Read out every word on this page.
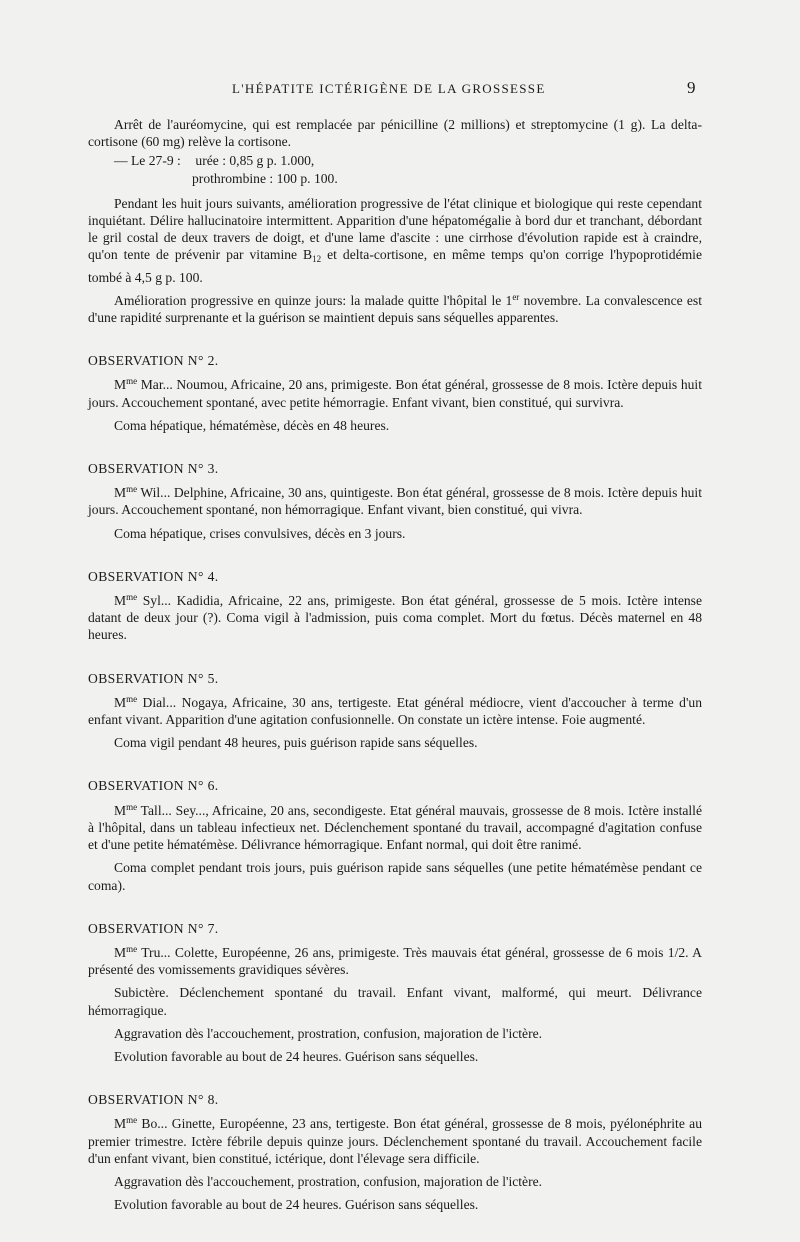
L'HÉPATITE ICTÉRIGÈNE DE LA GROSSESSE	9

Arrêt de l'auréomycine, qui est remplacée par pénicilline (2 millions) et streptomycine (1 g). La delta-cortisone (60 mg) relève la cortisone.

— Le 27-9 : urée : 0,85 g p. 1.000,
prothrombine : 100 p. 100.

Pendant les huit jours suivants, amélioration progressive de l'état clinique et biologique qui reste cependant inquiétant. Délire hallucinatoire intermittent. Apparition d'une hépatomégalie à bord dur et tranchant, débordant le gril costal de deux travers de doigt, et d'une lame d'ascite : une cirrhose d'évolution rapide est à craindre, qu'on tente de prévenir par vitamine $B_{12}$ et delta-cortisone, en même temps qu'on corrige l'hypoprotidémie tombé à 4,5 g p. 100.

Amélioration progressive en quinze jours: la malade quitte l'hôpital le 1er novembre. La convalescence est d'une rapidité surprenante et la guérison se maintient depuis sans séquelles apparentes.

OBSERVATION N° 2.

$M^{me}$ Mar... Noumou, Africaine, 20 ans, primigeste. Bon état général, grossesse de 8 mois. Ictère depuis huit jours. Accouchement spontané, avec petite hémorragie. Enfant vivant, bien constitué, qui survivra.

Coma hépatique, hématémèse, décès en 48 heures.

OBSERVATION N° 3.

$M^{me}$ Wil... Delphine, Africaine, 30 ans, quintigeste. Bon état général, grossesse de 8 mois. Ictère depuis huit jours. Accouchement spontané, non hémorragique. Enfant vivant, bien constitué, qui vivra.

Coma hépatique, crises convulsives, décès en 3 jours.

OBSERVATION N° 4.

$M^{me}$ Syl... Kadidia, Africaine, 22 ans, primigeste. Bon état général, grossesse de 5 mois. Ictère intense datant de deux jour (?). Coma vigil à l'admission, puis coma complet. Mort du fœtus. Décès maternel en 48 heures.

OBSERVATION N° 5.

$M^{me}$ Dial... Nogaya, Africaine, 30 ans, tertigeste. Etat général médiocre, vient d'accoucher à terme d'un enfant vivant. Apparition d'une agitation confusionnelle. On constate un ictère intense. Foie augmenté.

Coma vigil pendant 48 heures, puis guérison rapide sans séquelles.

OBSERVATION N° 6.

$M^{me}$ Tall... Sey..., Africaine, 20 ans, secondigeste. Etat général mauvais, grossesse de 8 mois. Ictère installé à l'hôpital, dans un tableau infectieux net. Déclenchement spontané du travail, accompagné d'agitation confuse et d'une petite hématémèse. Délivrance hémorragique. Enfant normal, qui doit être ranimé.

Coma complet pendant trois jours, puis guérison rapide sans séquelles (une petite hématémèse pendant ce coma).

OBSERVATION N° 7.

$M^{me}$ Tru... Colette, Européenne, 26 ans, primigeste. Très mauvais état général, grossesse de 6 mois 1/2. A présenté des vomissements gravidiques sévères.

Subictère. Déclenchement spontané du travail. Enfant vivant, malformé, qui meurt. Délivrance hémorragique.

Aggravation dès l'accouchement, prostration, confusion, majoration de l'ictère.

Evolution favorable au bout de 24 heures. Guérison sans séquelles.

OBSERVATION N° 8.

$M^{me}$ Bo... Ginette, Européenne, 23 ans, tertigeste. Bon état général, grossesse de 8 mois, pyélonéphrite au premier trimestre. Ictère fébrile depuis quinze jours. Déclenchement spontané du travail. Accouchement facile d'un enfant vivant, bien constitué, ictérique, dont l'élevage sera difficile.

Aggravation dès l'accouchement, prostration, confusion, majoration de l'ictère.

Evolution favorable au bout de 24 heures. Guérison sans séquelles.
